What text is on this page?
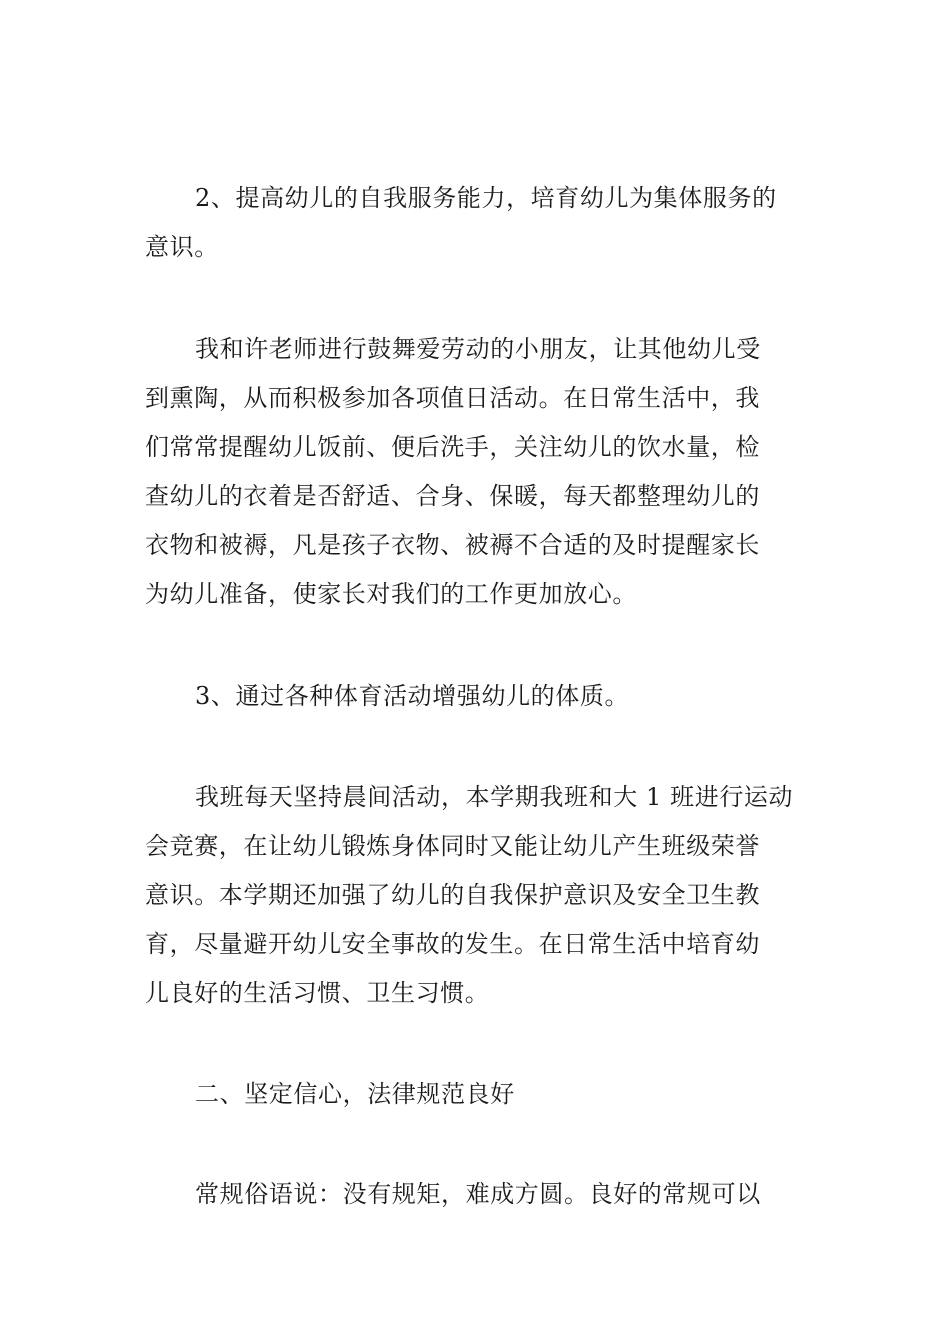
2、提高幼儿的自我服务能力，培育幼儿为集体服务的
意识。

我和许老师进行鼓舞爱劳动的小朋友，让其他幼儿受
到熏陶，从而积极参加各项值日活动。在日常生活中，我
们常常提醒幼儿饭前、便后洗手，关注幼儿的饮水量，检
查幼儿的衣着是否舒适、合身、保暖，每天都整理幼儿的
衣物和被褥，凡是孩子衣物、被褥不合适的及时提醒家长
为幼儿准备，使家长对我们的工作更加放心。

3、通过各种体育活动增强幼儿的体质。

我班每天坚持晨间活动，本学期我班和大 1 班进行运动
会竞赛，在让幼儿锻炼身体同时又能让幼儿产生班级荣誉
意识。本学期还加强了幼儿的自我保护意识及安全卫生教
育，尽量避开幼儿安全事故的发生。在日常生活中培育幼
儿良好的生活习惯、卫生习惯。

二、坚定信心，法律规范良好

常规俗语说：没有规矩，难成方圆。良好的常规可以
